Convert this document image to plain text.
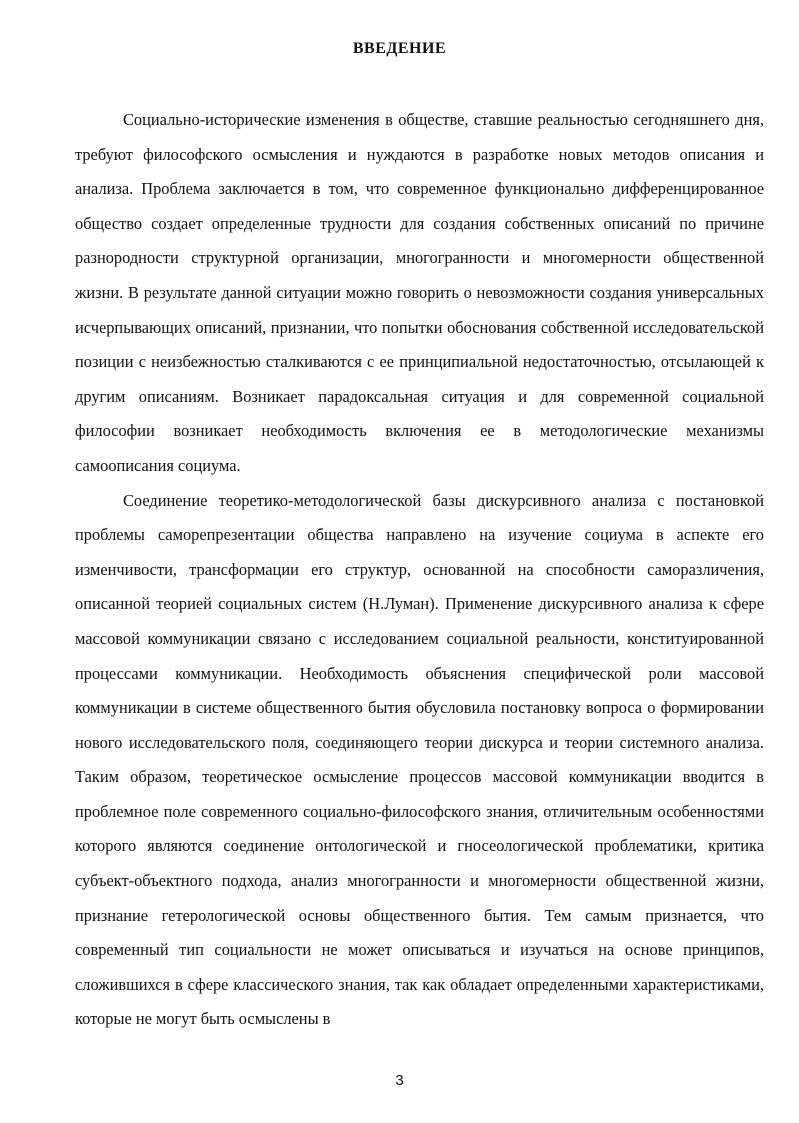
ВВЕДЕНИЕ

Социально-исторические изменения в обществе, ставшие реальностью сегодняшнего дня, требуют философского осмысления и нуждаются в разработке новых методов описания и анализа. Проблема заключается в том, что современное функционально дифференцированное общество создает определенные трудности для создания собственных описаний по причине разнородности структурной организации, многогранности и многомерности общественной жизни. В результате данной ситуации можно говорить о невозможности создания универсальных исчерпывающих описаний, признании, что попытки обоснования собственной исследовательской позиции с неизбежностью сталкиваются с ее принципиальной недостаточностью, отсылающей к другим описаниям. Возникает парадоксальная ситуация и для современной социальной философии возникает необходимость включения ее в методологические механизмы самоописания социума.

Соединение теоретико-методологической базы дискурсивного анализа с постановкой проблемы саморепрезентации общества направлено на изучение социума в аспекте его изменчивости, трансформации его структур, основанной на способности саморазличения, описанной теорией социальных систем (Н.Луман). Применение дискурсивного анализа к сфере массовой коммуникации связано с исследованием социальной реальности, конституированной процессами коммуникации. Необходимость объяснения специфической роли массовой коммуникации в системе общественного бытия обусловила постановку вопроса о формировании нового исследовательского поля, соединяющего теории дискурса и теории системного анализа. Таким образом, теоретическое осмысление процессов массовой коммуникации вводится в проблемное поле современного социально-философского знания, отличительным особенностями которого являются соединение онтологической и гносеологической проблематики, критика субъект-объектного подхода, анализ многогранности и многомерности общественной жизни, признание гетерологической основы общественного бытия. Тем самым признается, что современный тип социальности не может описываться и изучаться на основе принципов, сложившихся в сфере классического знания, так как обладает определенными характеристиками, которые не могут быть осмыслены в

3
